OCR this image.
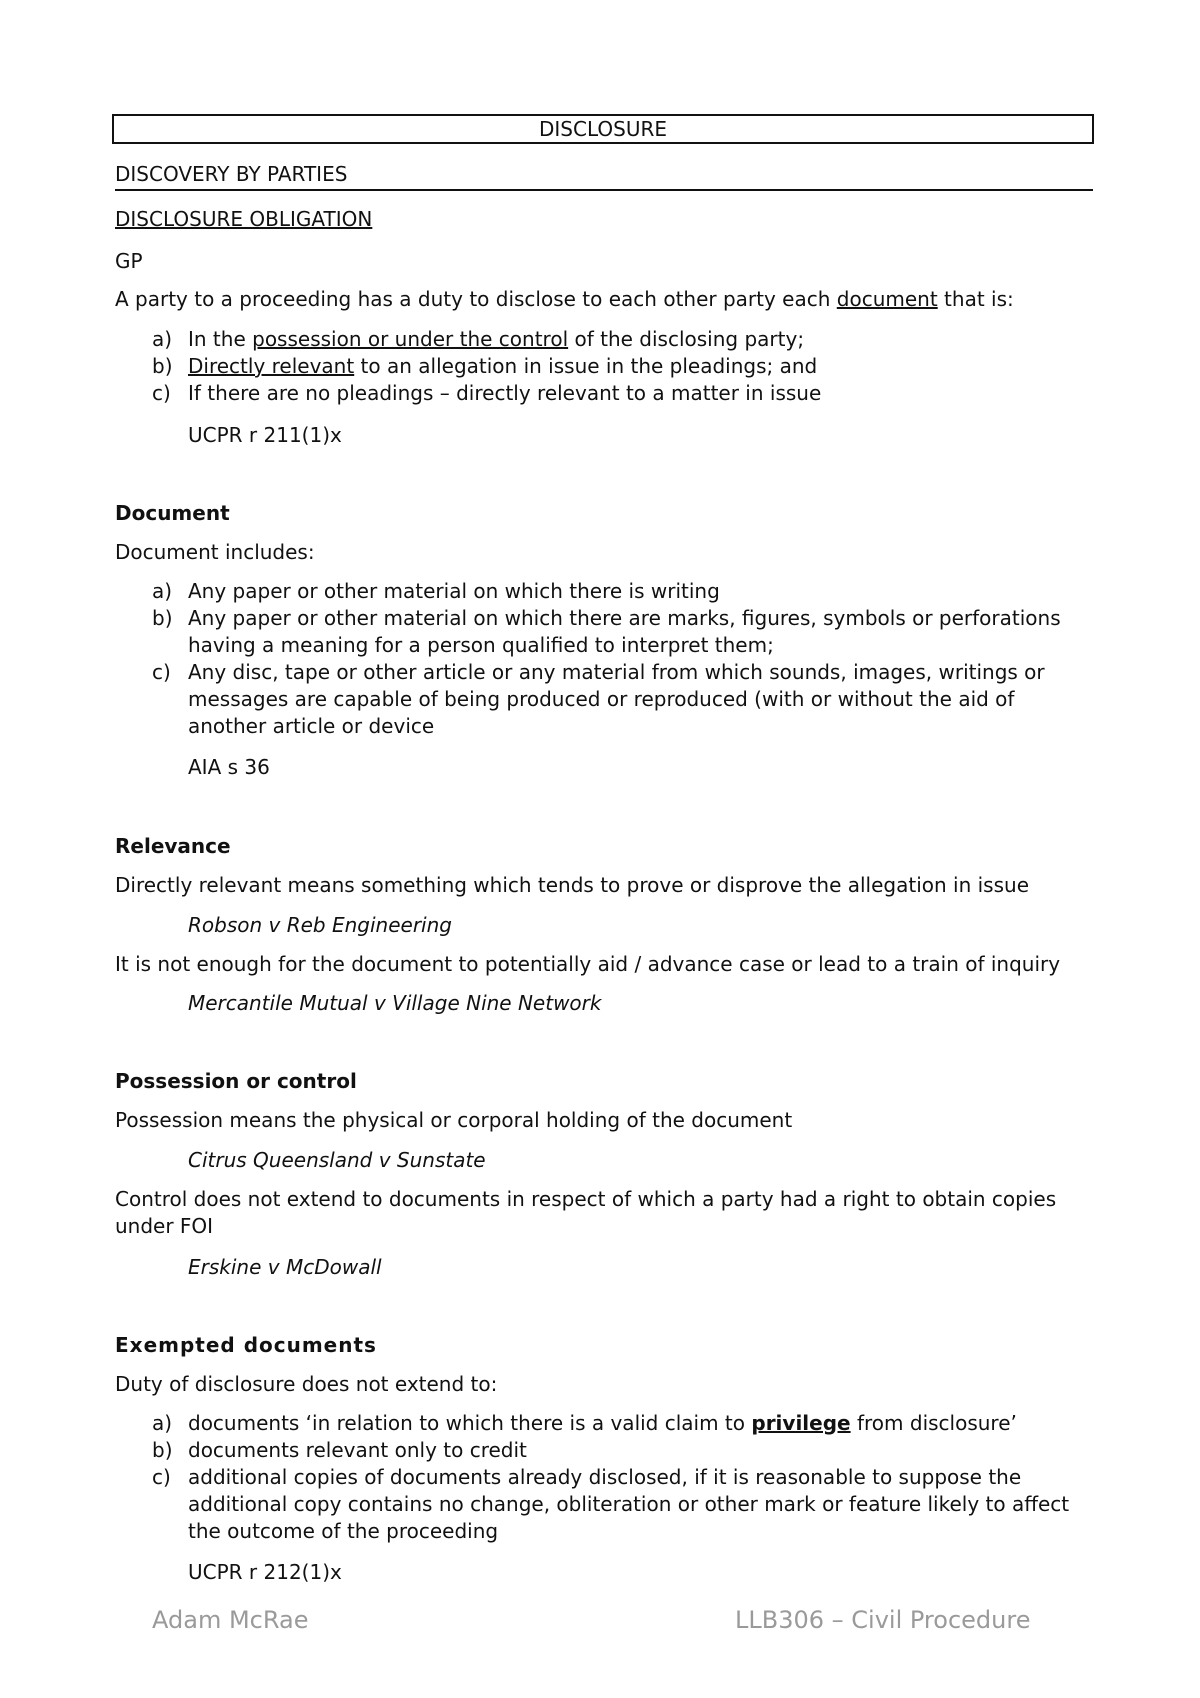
DISCLOSURE
DISCOVERY BY PARTIES
DISCLOSURE OBLIGATION
GP
A party to a proceeding has a duty to disclose to each other party each document that is:
a) In the possession or under the control of the disclosing party;
b) Directly relevant to an allegation in issue in the pleadings; and
c) If there are no pleadings – directly relevant to a matter in issue
UCPR r 211(1)x
Document
Document includes:
a) Any paper or other material on which there is writing
b) Any paper or other material on which there are marks, figures, symbols or perforations having a meaning for a person qualified to interpret them;
c) Any disc, tape or other article or any material from which sounds, images, writings or messages are capable of being produced or reproduced (with or without the aid of another article or device
AIA s 36
Relevance
Directly relevant means something which tends to prove or disprove the allegation in issue
Robson v Reb Engineering
It is not enough for the document to potentially aid / advance case or lead to a train of inquiry
Mercantile Mutual v Village Nine Network
Possession or control
Possession means the physical or corporal holding of the document
Citrus Queensland v Sunstate
Control does not extend to documents in respect of which a party had a right to obtain copies under FOI
Erskine v McDowall
Exempted documents
Duty of disclosure does not extend to:
a) documents ‘in relation to which there is a valid claim to privilege from disclosure’
b) documents relevant only to credit
c) additional copies of documents already disclosed, if it is reasonable to suppose the additional copy contains no change, obliteration or other mark or feature likely to affect the outcome of the proceeding
UCPR r 212(1)x
Adam McRae	LLB306 – Civil Procedure
